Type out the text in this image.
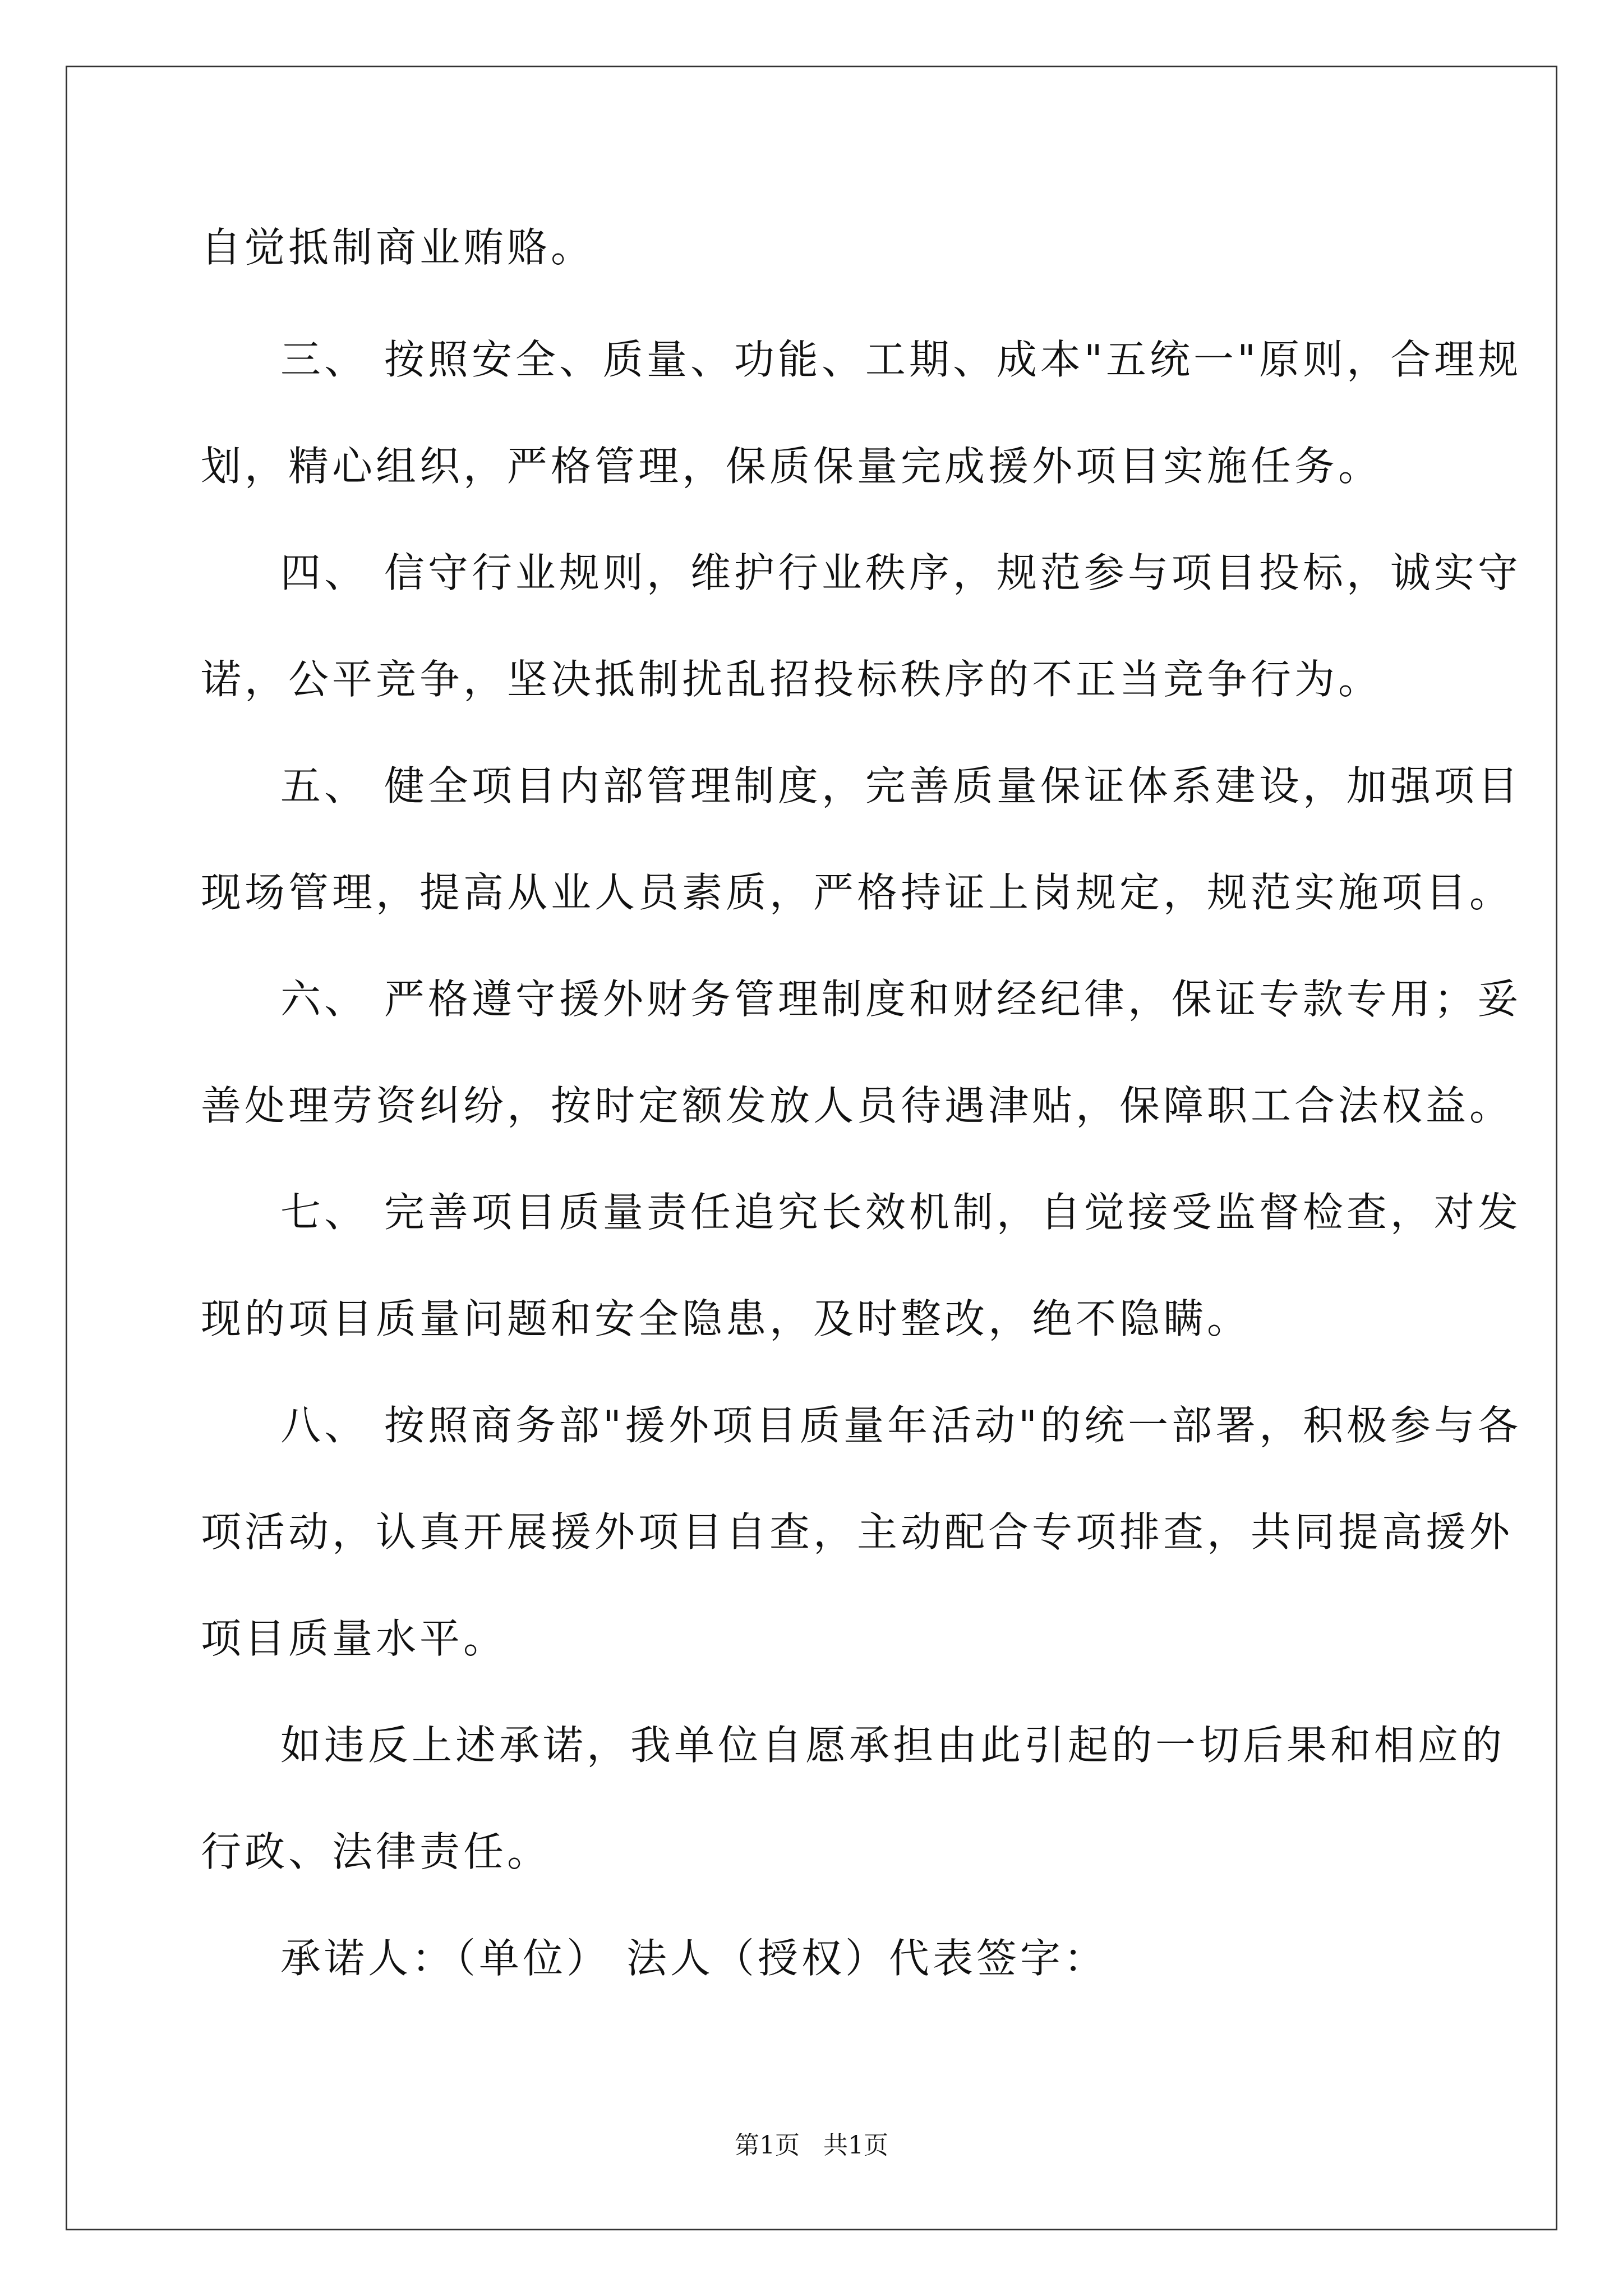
自觉抵制商业贿赂。
三、 按照安全、质量、功能、工期、成本"五统一"原则，合理规
划，精心组织，严格管理，保质保量完成援外项目实施任务。
四、 信守行业规则，维护行业秩序，规范参与项目投标，诚实守
诺，公平竞争，坚决抵制扰乱招投标秩序的不正当竞争行为。
五、 健全项目内部管理制度，完善质量保证体系建设，加强项目
现场管理，提高从业人员素质，严格持证上岗规定，规范实施项目。
六、 严格遵守援外财务管理制度和财经纪律，保证专款专用；妥
善处理劳资纠纷，按时定额发放人员待遇津贴，保障职工合法权益。
七、 完善项目质量责任追究长效机制，自觉接受监督检查，对发
现的项目质量问题和安全隐患，及时整改，绝不隐瞒。
八、 按照商务部"援外项目质量年活动"的统一部署，积极参与各
项活动，认真开展援外项目自查，主动配合专项排查，共同提高援外
项目质量水平。
如违反上述承诺，我单位自愿承担由此引起的一切后果和相应的
行政、法律责任。
承诺人：（单位） 法人（授权）代表签字：
第1页   共1页
